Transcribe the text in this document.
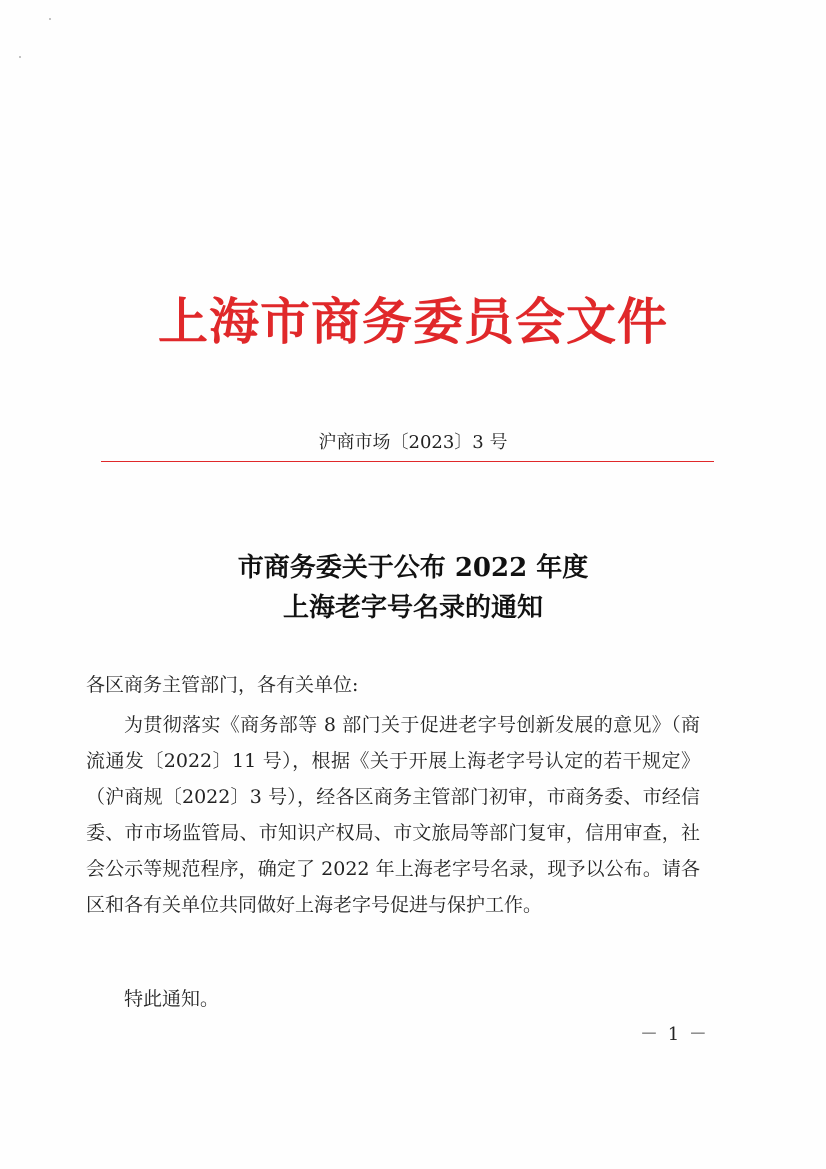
上海市商务委员会文件
沪商市场〔2023〕3 号
市商务委关于公布 2022 年度
上海老字号名录的通知
各区商务主管部门，各有关单位:
为贯彻落实《商务部等 8 部门关于促进老字号创新发展的意见》（商流通发〔2022〕11 号），根据《关于开展上海老字号认定的若干规定》（沪商规〔2022〕3 号），经各区商务主管部门初审，市商务委、市经信委、市市场监管局、市知识产权局、市文旅局等部门复审，信用审查，社会公示等规范程序，确定了 2022 年上海老字号名录，现予以公布。请各区和各有关单位共同做好上海老字号促进与保护工作。
特此通知。
－ 1 －
